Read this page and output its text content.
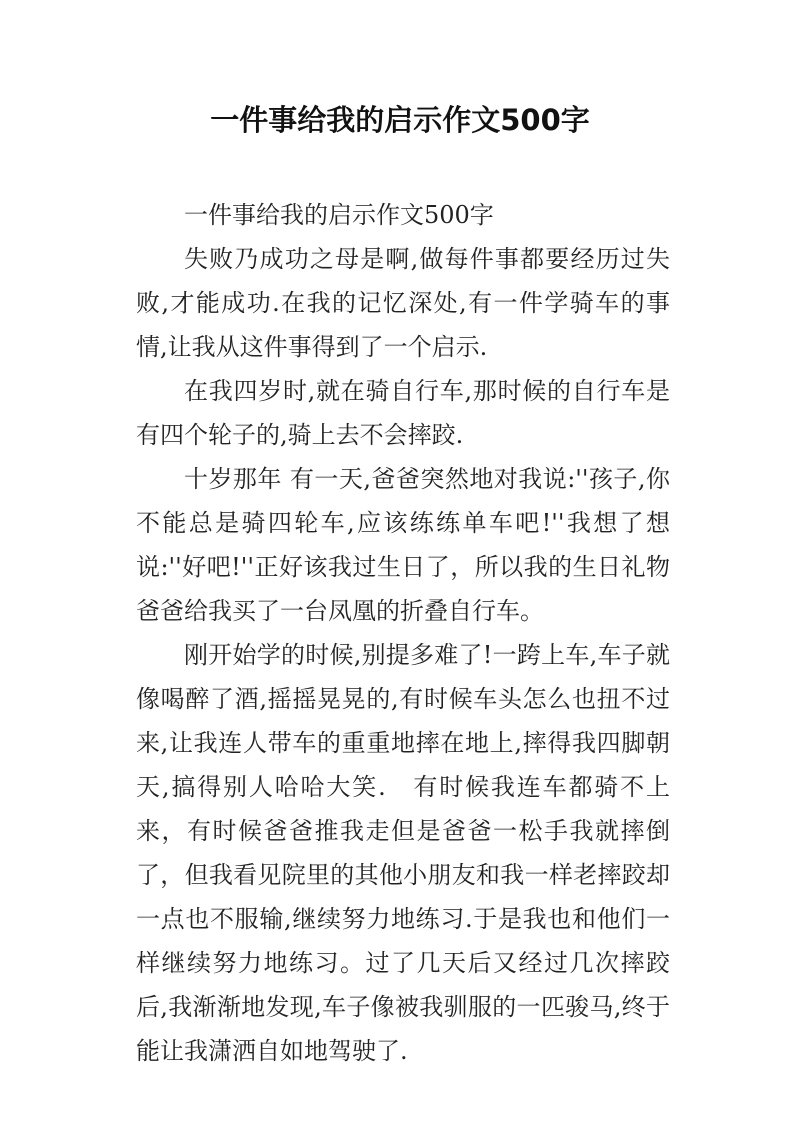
一件事给我的启示作文500字

一件事给我的启示作文500字

失败乃成功之母是啊,做每件事都要经历过失败,才能成功.在我的记忆深处,有一件学骑车的事情,让我从这件事得到了一个启示.

在我四岁时,就在骑自行车,那时候的自行车是有四个轮子的,骑上去不会摔跤.

十岁那年 有一天,爸爸突然地对我说:''孩子,你不能总是骑四轮车,应该练练单车吧!''我想了想说:''好吧!''正好该我过生日了，所以我的生日礼物爸爸给我买了一台凤凰的折叠自行车。

刚开始学的时候,别提多难了!一跨上车,车子就像喝醉了酒,摇摇晃晃的,有时候车头怎么也扭不过来,让我连人带车的重重地摔在地上,摔得我四脚朝天,搞得别人哈哈大笑.　有时候我连车都骑不上来，有时候爸爸推我走但是爸爸一松手我就摔倒了，但我看见院里的其他小朋友和我一样老摔跤却一点也不服输,继续努力地练习.于是我也和他们一样继续努力地练习。过了几天后又经过几次摔跤后,我渐渐地发现,车子像被我驯服的一匹骏马,终于能让我潇洒自如地驾驶了.
